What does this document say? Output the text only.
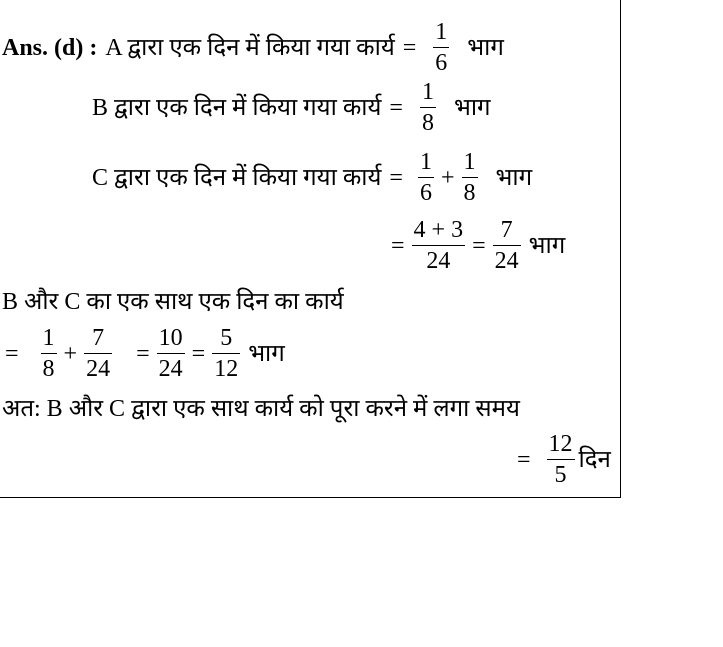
Ans. (d) : A द्वारा एक दिन में किया गया कार्य = $\frac{1}{6}$ भाग
B द्वारा एक दिन में किया गया कार्य = $\frac{1}{8}$ भाग
C द्वारा एक दिन में किया गया कार्य = $\frac{1}{6} + \frac{1}{8}$ भाग
= $\frac{4 + 3}{24} = \frac{7}{24}$ भाग
B और C का एक साथ एक दिन का कार्य
= $\frac{1}{8} + \frac{7}{24} = \frac{10}{24} = \frac{5}{12}$ भाग
अत: B और C द्वारा एक साथ कार्य को पूरा करने में लगा समय
= $\frac{12}{5}$ दिन
